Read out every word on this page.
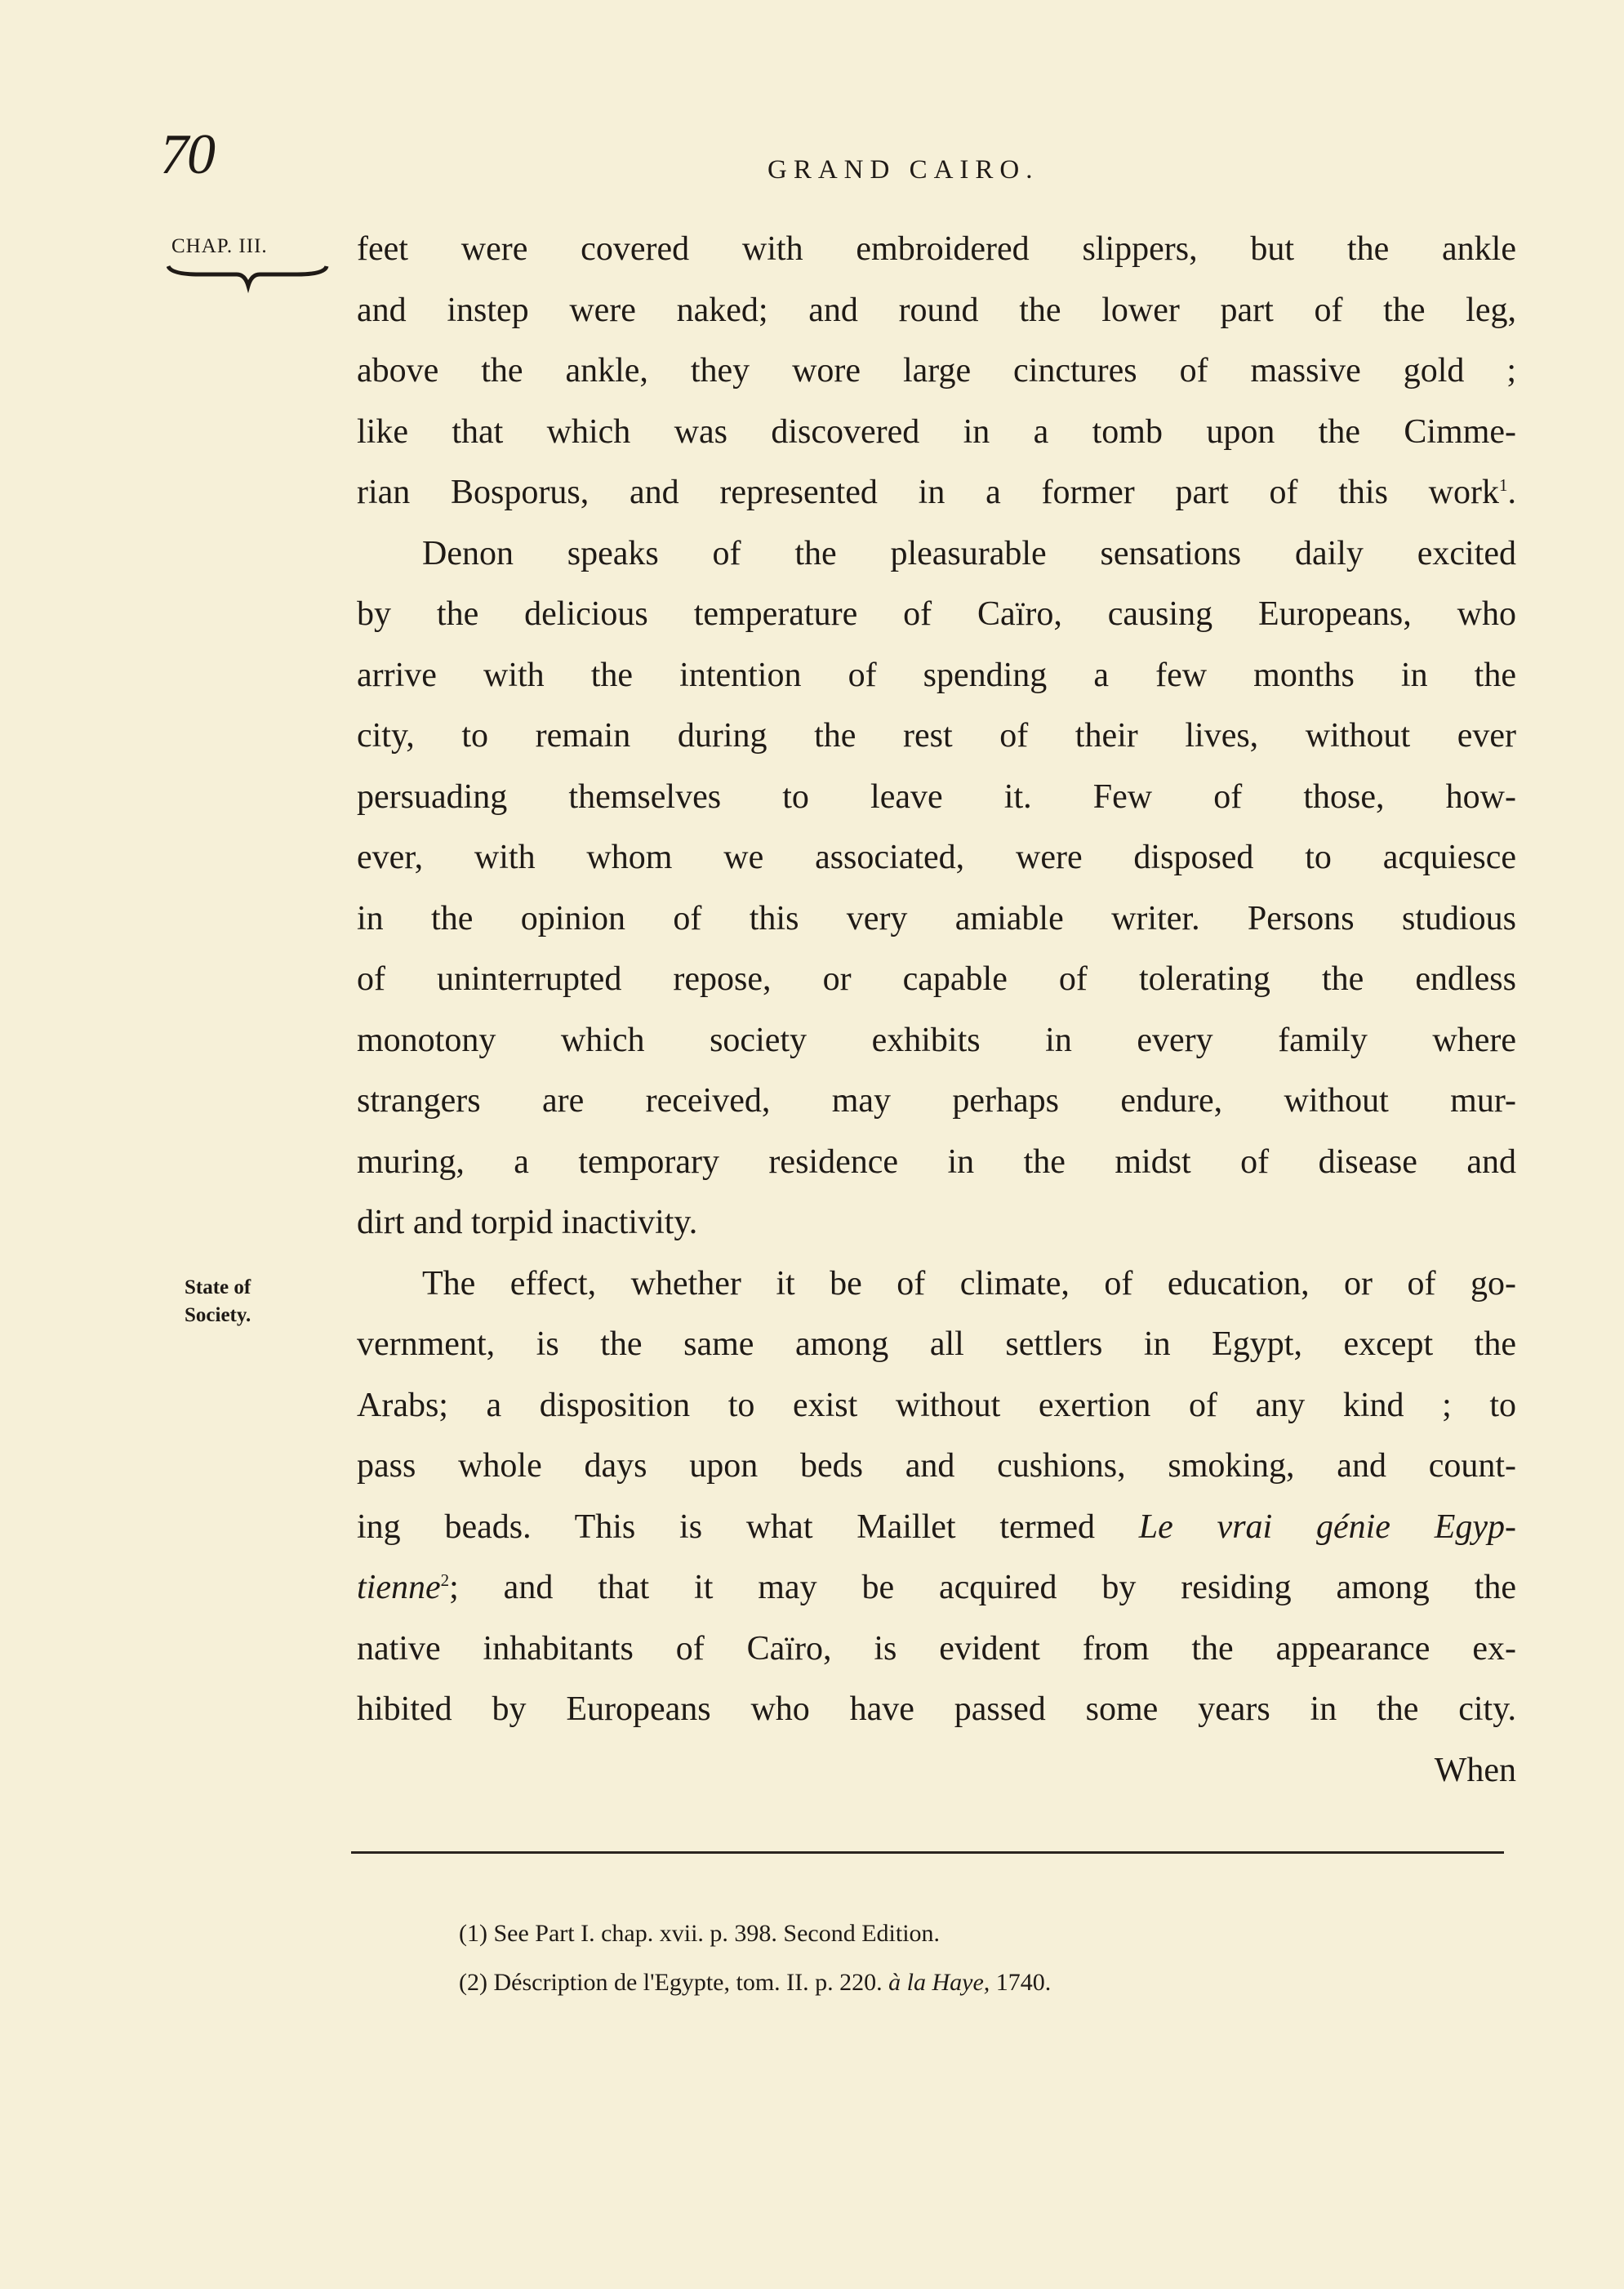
70	GRAND CAIRO.
CHAP. III.
State of
Society.
feet were covered with embroidered slippers, but the ankle
and instep were naked; and round the lower part of the leg,
above the ankle, they wore large cinctures of massive gold ;
like that which was discovered in a tomb upon the Cimme-
rian Bosporus, and represented in a former part of this work$^1$.
Denon speaks of the pleasurable sensations daily excited
by the delicious temperature of Caïro, causing Europeans, who
arrive with the intention of spending a few months in the
city, to remain during the rest of their lives, without ever
persuading themselves to leave it. Few of those, how-
ever, with whom we associated, were disposed to acquiesce
in the opinion of this very amiable writer. Persons studious
of uninterrupted repose, or capable of tolerating the endless
monotony which society exhibits in every family where
strangers are received, may perhaps endure, without mur-
muring, a temporary residence in the midst of disease and
dirt and torpid inactivity.
The effect, whether it be of climate, of education, or of go-
vernment, is the same among all settlers in Egypt, except the
Arabs; a disposition to exist without exertion of any kind ; to
pass whole days upon beds and cushions, smoking, and count-
ing beads. This is what Maillet termed Le vrai génie Egyp-
tienne$^2$; and that it may be acquired by residing among the
native inhabitants of Caïro, is evident from the appearance ex-
hibited by Europeans who have passed some years in the city.
When
(1) See Part I. chap. xvii. p. 398. Second Edition.
(2) Déscription de l'Egypte, tom. II. p. 220. à la Haye, 1740.
